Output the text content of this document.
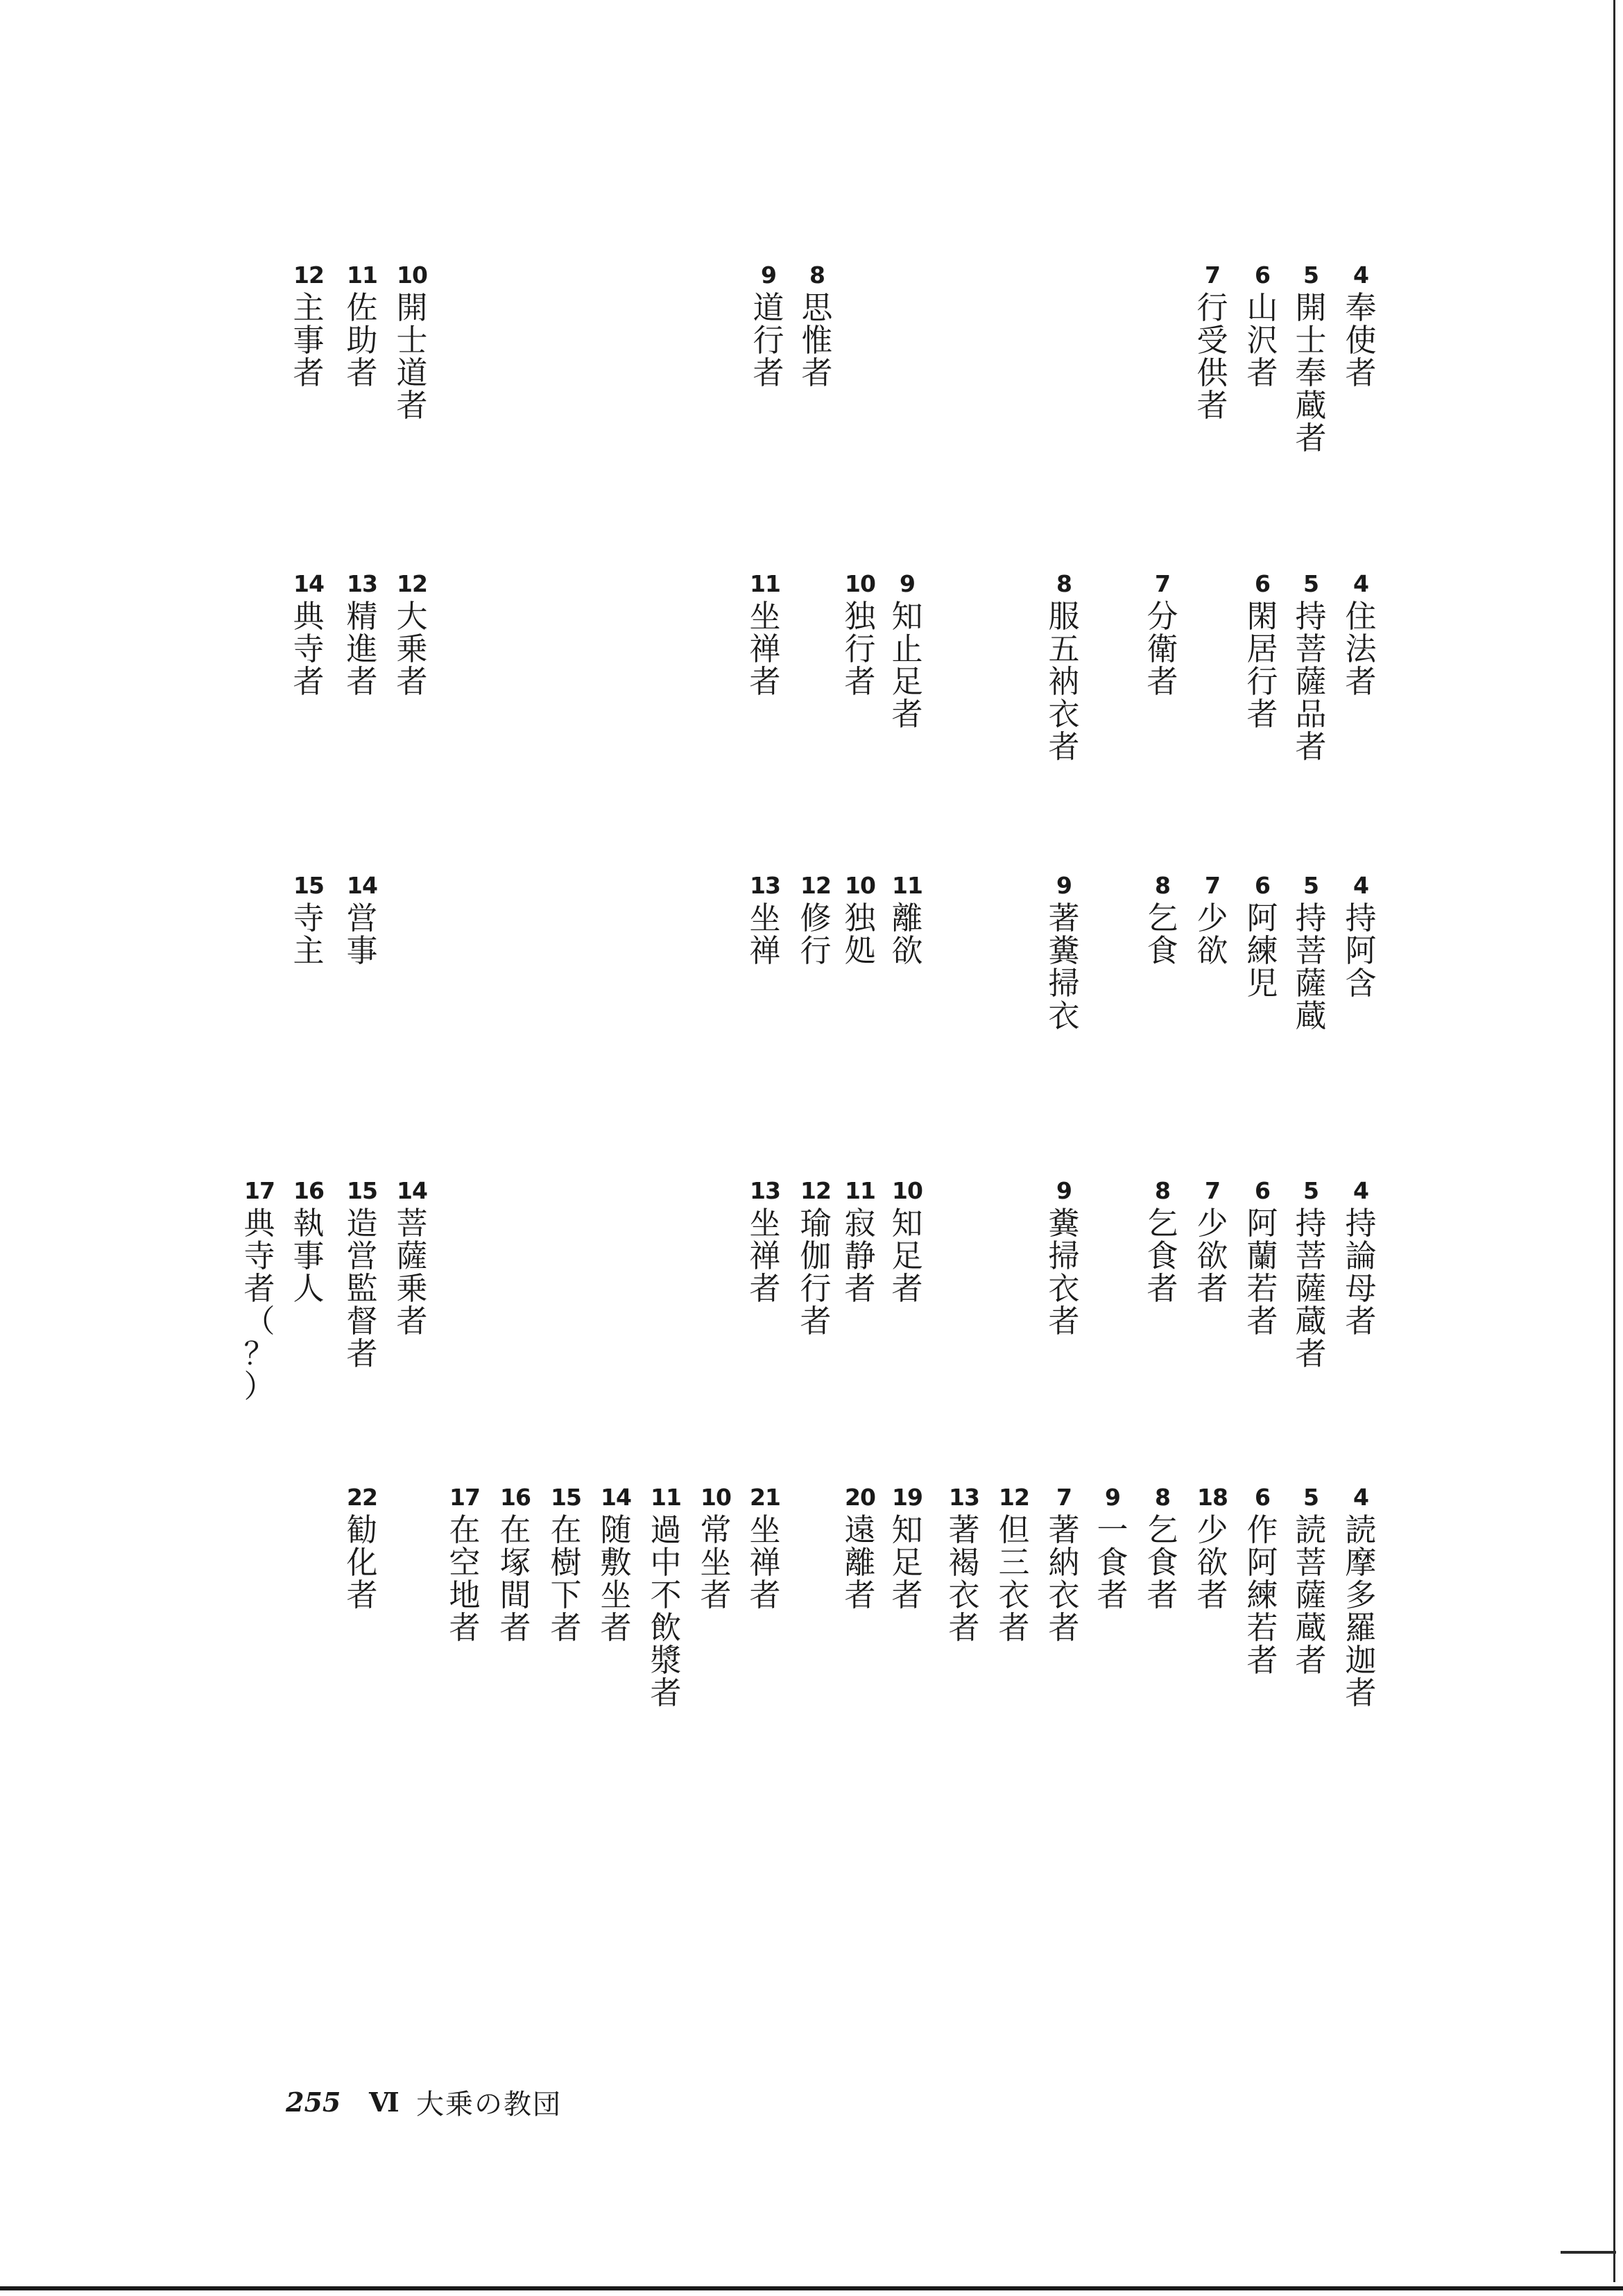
4
奉
使
者
5
開
士
奉
蔵
者
6
山
沢
者
7
行
受
供
者
8
思
惟
者
9
道
行
者
10
開
士
道
者
11
佐
助
者
12
主
事
者
4
住
法
者
5
持
菩
薩
品
者
6
閑
居
行
者
7
分
衛
者
8
服
五
衲
衣
者
9
知
止
足
者
10
独
行
者
11
坐
禅
者
12
大
乗
者
13
精
進
者
14
典
寺
者
4
持
阿
含
5
持
菩
薩
蔵
6
阿
練
児
7
少
欲
8
乞
食
9
著
糞
掃
衣
11
離
欲
10
独
処
12
修
行
13
坐
禅
14
営
事
15
寺
主
4
持
論
母
者
5
持
菩
薩
蔵
者
6
阿
蘭
若
者
7
少
欲
者
8
乞
食
者
9
糞
掃
衣
者
10
知
足
者
11
寂
静
者
12
瑜
伽
行
者
13
坐
禅
者
14
菩
薩
乗
者
15
造
営
監
督
者
16
執
事
人
17
典
寺
者
（
？
）
4
読
摩
多
羅
迦
者
5
読
菩
薩
蔵
者
6
作
阿
練
若
者
18
少
欲
者
8
乞
食
者
9
一
食
者
7
著
納
衣
者
12
但
三
衣
者
13
著
褐
衣
者
19
知
足
者
20
遠
離
者
21
坐
禅
者
10
常
坐
者
11
過
中
不
飲
漿
者
14
随
敷
坐
者
15
在
樹
下
者
16
在
塚
間
者
17
在
空
地
者
22
勧
化
者
255	Ⅵ 大乗の教団
